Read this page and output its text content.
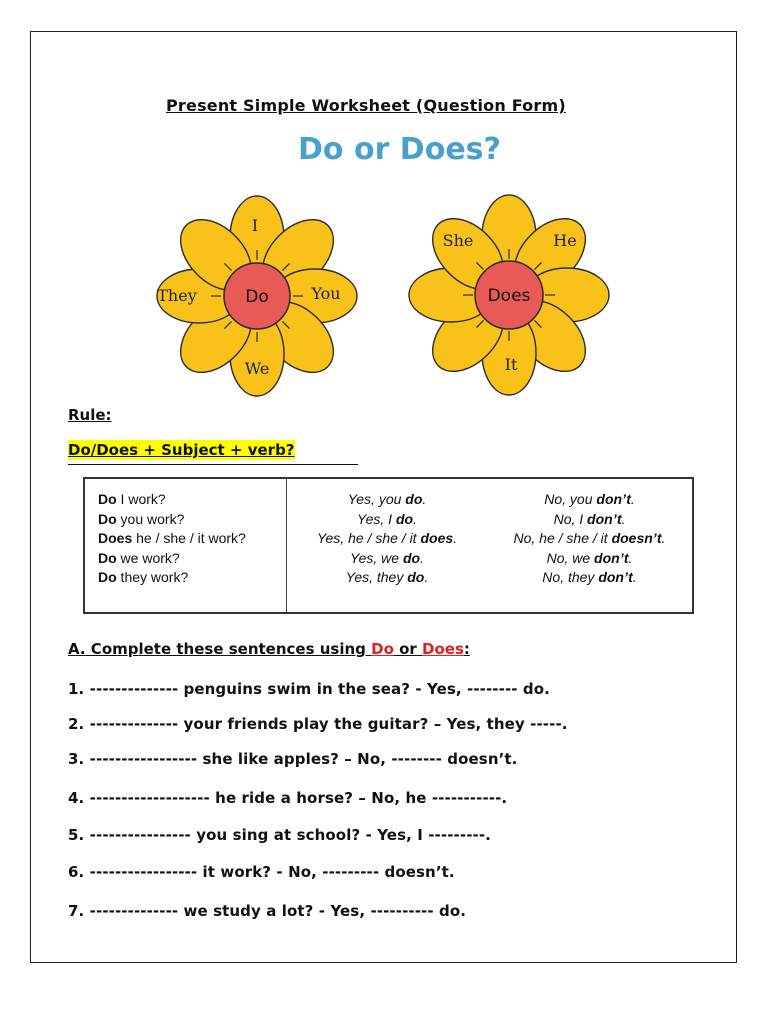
Present Simple Worksheet (Question Form)
Do or Does?
Do
I
They	You
We
Does
She	He
It
Rule:
Do/Does + Subject + verb?
Do I work?
Do you work?
Does he / she / it work?
Do we work?
Do they work?
Yes, you do.
Yes, I do.
Yes, he / she / it does.
Yes, we do.
Yes, they do.
No, you don’t.
No, I don’t.
No, he / she / it doesn’t.
No, we don’t.
No, they don’t.
A. Complete these sentences using Do or Does:
1. -------------- penguins swim in the sea? - Yes, -------- do.
2. -------------- your friends play the guitar? – Yes, they -----.
3. ----------------- she like apples? – No, -------- doesn’t.
4. ------------------- he ride a horse? – No, he -----------.
5. ---------------- you sing at school? - Yes, I ---------.
6. ----------------- it work? - No, --------- doesn’t.
7. -------------- we study a lot? - Yes, ---------- do.
